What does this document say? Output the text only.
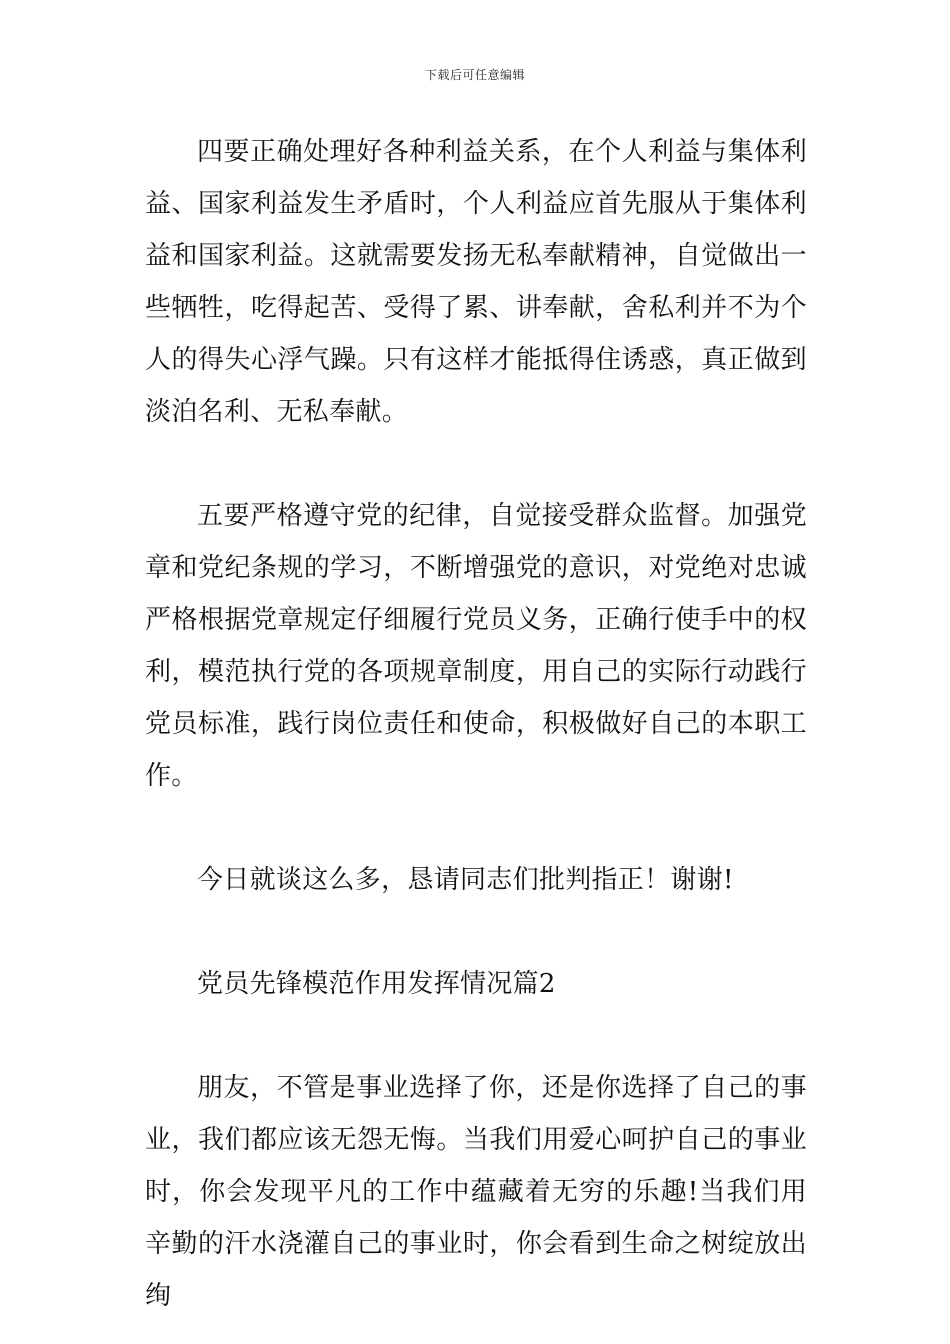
下载后可任意编辑

四要正确处理好各种利益关系，在个人利益与集体利益、国家利益发生矛盾时，个人利益应首先服从于集体利益和国家利益。这就需要发扬无私奉献精神，自觉做出一些牺牲，吃得起苦、受得了累、讲奉献，舍私利并不为个人的得失心浮气躁。只有这样才能抵得住诱惑，真正做到淡泊名利、无私奉献。

五要严格遵守党的纪律，自觉接受群众监督。加强党章和党纪条规的学习，不断增强党的意识，对党绝对忠诚严格根据党章规定仔细履行党员义务，正确行使手中的权利，模范执行党的各项规章制度，用自己的实际行动践行党员标准，践行岗位责任和使命，积极做好自己的本职工作。

今日就谈这么多，恳请同志们批判指正！谢谢!

党员先锋模范作用发挥情况篇2

朋友，不管是事业选择了你，还是你选择了自己的事业，我们都应该无怨无悔。当我们用爱心呵护自己的事业时，你会发现平凡的工作中蕴藏着无穷的乐趣!当我们用辛勤的汗水浇灌自己的事业时，你会看到生命之树绽放出绚
